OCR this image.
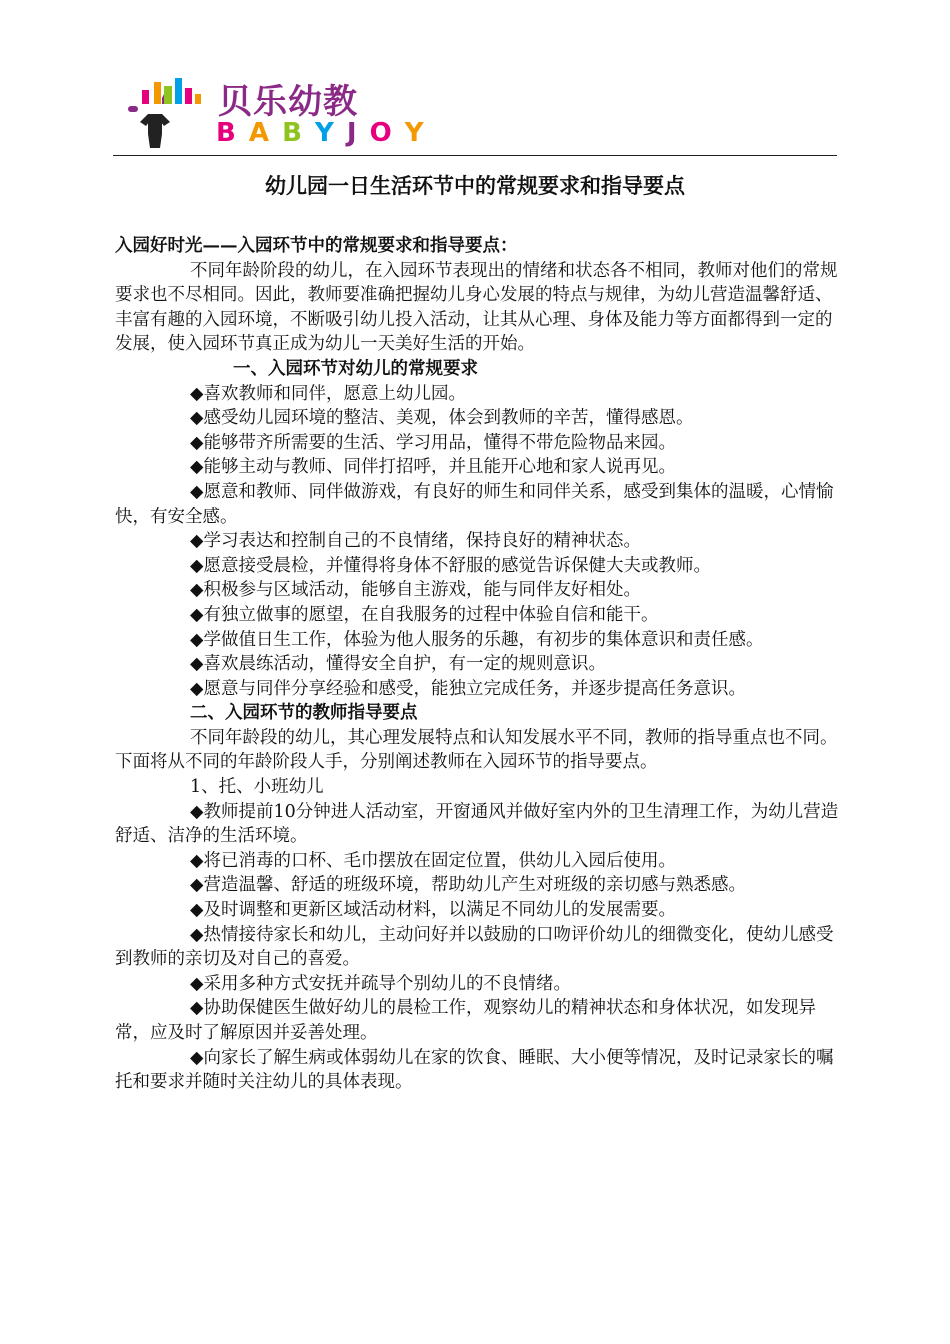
贝乐幼教
B A B Y J O Y
幼儿园一日生活环节中的常规要求和指导要点

入园好时光——入园环节中的常规要求和指导要点：

不同年龄阶段的幼儿，在入园环节表现出的情绪和状态各不相同，教师对他们的常规要求也不尽相同。因此，教师要准确把握幼儿身心发展的特点与规律，为幼儿营造温馨舒适、丰富有趣的入园环境，不断吸引幼儿投入活动，让其从心理、身体及能力等方面都得到一定的发展，使入园环节真正成为幼儿一天美好生活的开始。

一、入园环节对幼儿的常规要求

◆喜欢教师和同伴，愿意上幼儿园。

◆感受幼儿园环境的整洁、美观，体会到教师的辛苦，懂得感恩。

◆能够带齐所需要的生活、学习用品，懂得不带危险物品来园。

◆能够主动与教师、同伴打招呼，并且能开心地和家人说再见。

◆愿意和教师、同伴做游戏，有良好的师生和同伴关系，感受到集体的温暖，心情愉快，有安全感。

◆学习表达和控制自己的不良情绪，保持良好的精神状态。

◆愿意接受晨检，并懂得将身体不舒服的感觉告诉保健大夫或教师。

◆积极参与区域活动，能够自主游戏，能与同伴友好相处。

◆有独立做事的愿望，在自我服务的过程中体验自信和能干。

◆学做值日生工作，体验为他人服务的乐趣，有初步的集体意识和责任感。

◆喜欢晨练活动，懂得安全自护，有一定的规则意识。

◆愿意与同伴分享经验和感受，能独立完成任务，并逐步提高任务意识。

二、入园环节的教师指导要点

不同年龄段的幼儿，其心理发展特点和认知发展水平不同，教师的指导重点也不同。下面将从不同的年龄阶段人手，分别阐述教师在入园环节的指导要点。

1、托、小班幼儿

◆教师提前10分钟进人活动室，开窗通风并做好室内外的卫生清理工作，为幼儿营造舒适、洁净的生活环境。

◆将已消毒的口杯、毛巾摆放在固定位置，供幼儿入园后使用。

◆营造温馨、舒适的班级环境，帮助幼儿产生对班级的亲切感与熟悉感。

◆及时调整和更新区域活动材料，以满足不同幼儿的发展需要。

◆热情接待家长和幼儿，主动问好并以鼓励的口吻评价幼儿的细微变化，使幼儿感受到教师的亲切及对自己的喜爱。

◆采用多种方式安抚并疏导个别幼儿的不良情绪。

◆协助保健医生做好幼儿的晨检工作，观察幼儿的精神状态和身体状况，如发现异常，应及时了解原因并妥善处理。

◆向家长了解生病或体弱幼儿在家的饮食、睡眠、大小便等情况，及时记录家长的嘱托和要求并随时关注幼儿的具体表现。
